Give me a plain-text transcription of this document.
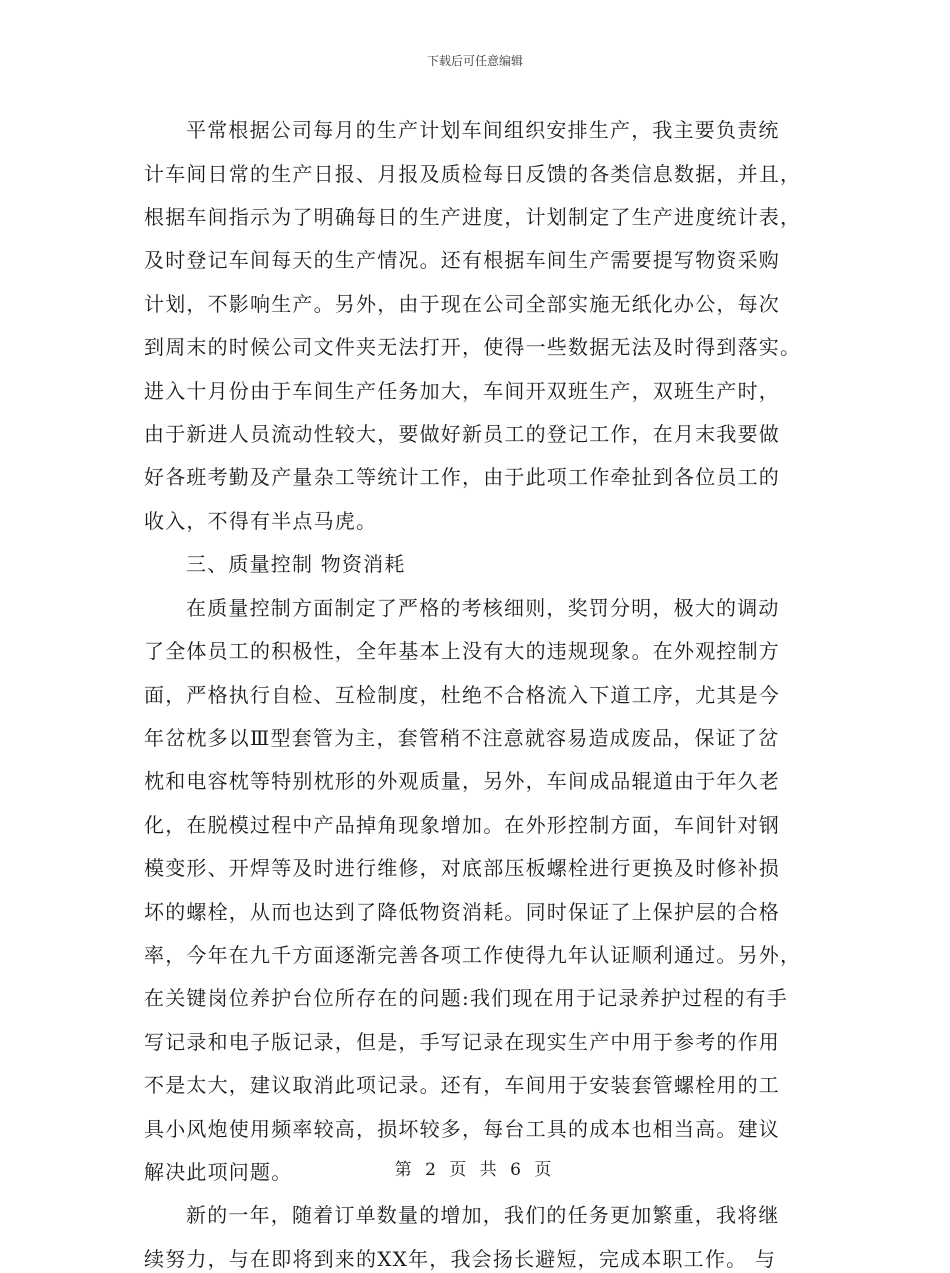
下载后可任意编辑
平常根据公司每月的生产计划车间组织安排生产，我主要负责统
计车间日常的生产日报、月报及质检每日反馈的各类信息数据，并且，
根据车间指示为了明确每日的生产进度，计划制定了生产进度统计表，
及时登记车间每天的生产情况。还有根据车间生产需要提写物资采购
计划，不影响生产。另外，由于现在公司全部实施无纸化办公，每次
到周末的时候公司文件夹无法打开，使得一些数据无法及时得到落实。
进入十月份由于车间生产任务加大，车间开双班生产，双班生产时，
由于新进人员流动性较大，要做好新员工的登记工作，在月末我要做
好各班考勤及产量杂工等统计工作，由于此项工作牵扯到各位员工的
收入，不得有半点马虎。
三、质量控制 物资消耗
在质量控制方面制定了严格的考核细则，奖罚分明，极大的调动
了全体员工的积极性，全年基本上没有大的违规现象。在外观控制方
面，严格执行自检、互检制度，杜绝不合格流入下道工序，尤其是今
年岔枕多以Ⅲ型套管为主，套管稍不注意就容易造成废品，保证了岔
枕和电容枕等特别枕形的外观质量，另外，车间成品辊道由于年久老
化，在脱模过程中产品掉角现象增加。在外形控制方面，车间针对钢
模变形、开焊等及时进行维修，对底部压板螺栓进行更换及时修补损
坏的螺栓，从而也达到了降低物资消耗。同时保证了上保护层的合格
率，今年在九千方面逐渐完善各项工作使得九年认证顺利通过。另外，
在关键岗位养护台位所存在的问题:我们现在用于记录养护过程的有手
写记录和电子版记录，但是，手写记录在现实生产中用于参考的作用
不是太大，建议取消此项记录。还有，车间用于安装套管螺栓用的工
具小风炮使用频率较高，损坏较多，每台工具的成本也相当高。建议
解决此项问题。
新的一年，随着订单数量的增加，我们的任务更加繁重，我将继
续努力，与在即将到来的XX年，我会扬长避短，完成本职工作。 与
第 2 页 共 6 页
